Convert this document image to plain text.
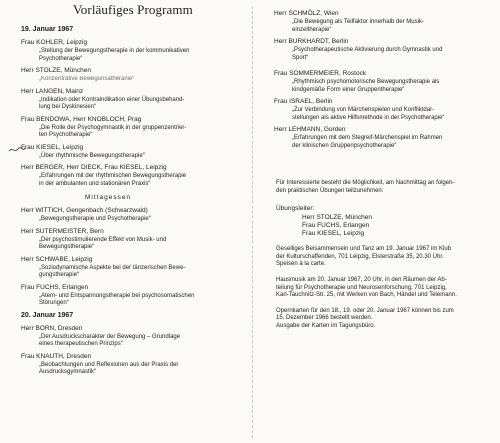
Vorläufiges Programm
19. Januar 1967
Frau KOHLER, Leipzig
„Stellung der Bewegungstherapie in der kommunikativen
Psychotherapie“
Herr STOLZE, München
„Konzentrative Bewegunsatheranie“
Herr LANGEN, Mainz
„Indikation oder Kontraindikation einer Übungsbehand-
lung bei Dyskinesien“
Frau BENDOWA, Herr KNOBLOCH, Prag
„Die Rolle der Psychogymnastik in der gruppenzentrier-
ten Psychotherapie“
Frau KIESEL, Leipzig
„Über rhythmische Bewegungstherapie“
Herr BERGER, Herr DIECK, Frau KIESEL, Leipzig
„Erfahrungen mit der rhythmischen Bewegungstherapie
in der ambulanten und stationären Praxis“
Mittagessen
Herr WITTICH, Gengenbach (Schwarzwald)
„Bewegungstherapie und Psychotherapie“
Herr SUTERMEISTER, Bern
„Der psychostimulierende Effekt von Musik- und
Bewegungstherapie“
Herr SCHWABE, Leipzig
„Soziodynamische Aspekte bei der tänzerischen Bewe-
gungstherapie“
Frau FUCHS, Erlangen
„Atem- und Entspannungstherapie bei psychosomatischen
Störungen“
20. Januar 1967
Herr BORN, Dresden
„Der Ausdruckscharakter der Bewegung – Grundlage
eines therapeutischen Prinzips“
Frau KNAUTH, Dresden
„Beobachtungen und Reflexionen aus der Praxis der
Ausdrucksgymnastik“
Herr SCHMÖLZ, Wien
„Die Bewegung als Teilfaktor innerhalb der Musik-
einzeltherapie“
Herr BURKHARDT, Berlin
„Psychotherapeutische Aktivierung durch Gymnastik und
Sport“
Frau SOMMERMEIER, Rostock
„Rhythmisch psychomotorische Bewegungstherapie als
kindgemäße Form einer Gruppentherapie“
Frau ISRAEL, Berlin
„Zur Verbindung von Märchenspielen und Konfliktdar-
stellungen als aktive Hilfsmethode in der Psychotherapie“
Herr LEHMANN, Gorden
„Erfahrungen mit dem Stegreif-Märchenspiel im Rahmen
der klinischen Gruppenpsychotherapie“
Für Interessierte besteht die Möglichkeit, am Nachmittag an folgen-
den praktischen Übungen teilzunehmen:
Übungsleiter:
Herr STOLZE, München
Frau FUCHS, Erlangen
Frau KIESEL, Leipzig
Geselliges Beisammensein und Tanz am 19. Januar 1967 im Klub
der Kulturschaffenden, 701 Leipzig, Elsterstraße 35, 20.30 Uhr.
Speisen à la carte.
Hausmusik am 20. Januar 1967, 20 Uhr, in den Räumen der Ab-
teilung für Psychotherapie und Neurosenforschung, 701 Leipzig,
Karl-Tauchnitz-Str. 25, mit Werken von Bach, Händel und Telemann.
Opernkarten für den 18., 19. oder 20. Januar 1967 können bis zum
15. Dezember 1966 bestellt werden.
Ausgabe der Karten im Tagungsbüro.
